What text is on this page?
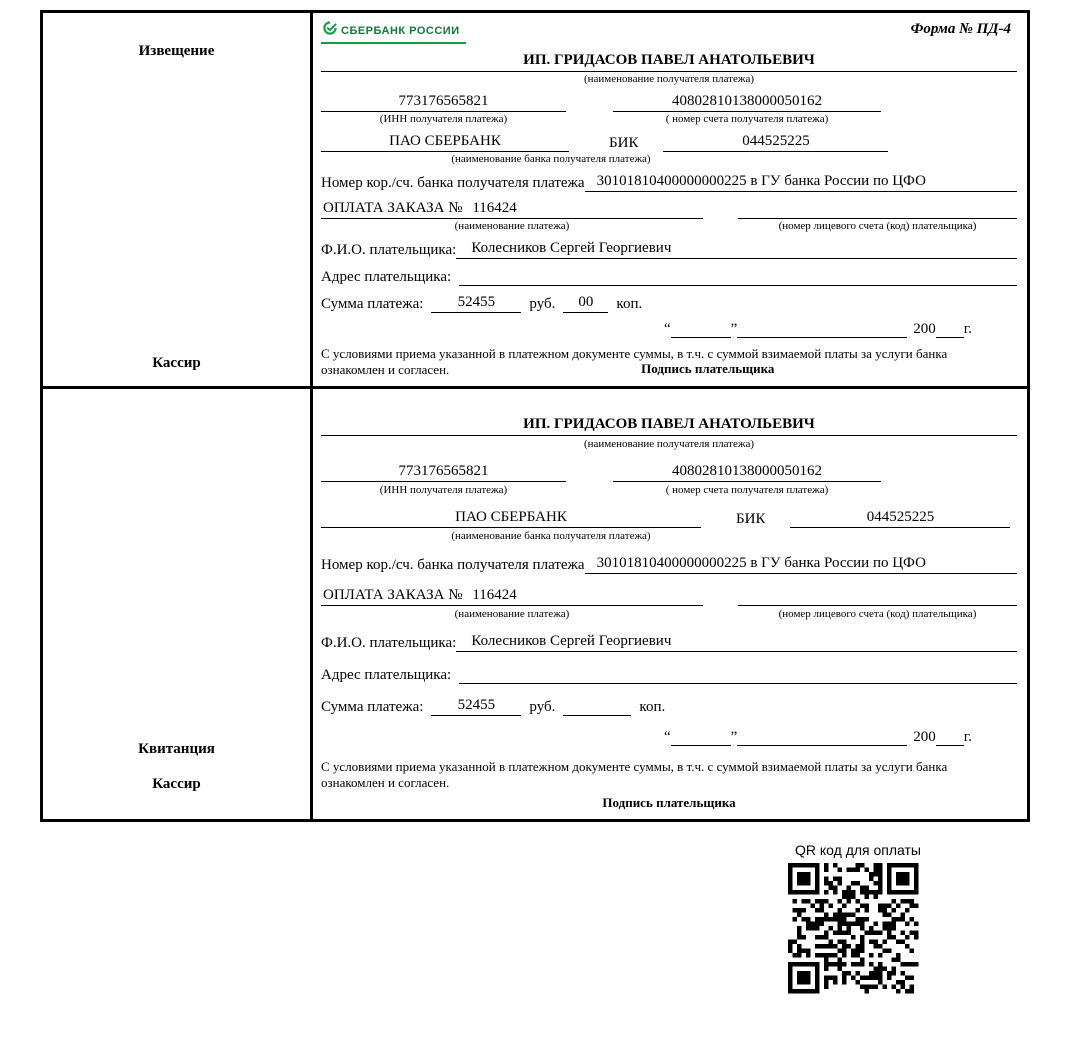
Извещение
Кассир
СБЕРБАНК РОССИИ	Форма № ПД-4
ИП. ГРИДАСОВ ПАВЕЛ АНАТОЛЬЕВИЧ
(наименование получателя платежа)
773176565821	40802810138000050162
(ИНН получателя платежа)	( номер счета получателя платежа)
ПАО СБЕРБАНК	БИК	044525225
(наименование банка получателя платежа)
Номер кор./сч. банка получателя платежа 30101810400000000225 в ГУ банка России по ЦФО
ОПЛАТА ЗАКАЗА № 116424
(наименование платежа)	(номер лицевого счета (код) плательщика)
Ф.И.О. плательщика:	Колесников Сергей Георгиевич
Адрес плательщика:
Сумма платежа:	52455	руб.	00	коп.
“	”	200 г.
С условиями приема указанной в платежном документе суммы, в т.ч. с суммой взимаемой платы за услуги банка ознакомлен и согласен.	Подпись плательщика
Квитанция
Кассир
ИП. ГРИДАСОВ ПАВЕЛ АНАТОЛЬЕВИЧ
(наименование получателя платежа)
773176565821	40802810138000050162
(ИНН получателя платежа)	( номер счета получателя платежа)
ПАО СБЕРБАНК	БИК	044525225
(наименование банка получателя платежа)
Номер кор./сч. банка получателя платежа 30101810400000000225 в ГУ банка России по ЦФО
ОПЛАТА ЗАКАЗА № 116424
(наименование платежа)	(номер лицевого счета (код) плательщика)
Ф.И.О. плательщика:	Колесников Сергей Георгиевич
Адрес плательщика:
Сумма платежа:	52455	руб.	коп.
“	”	200 г.
С условиями приема указанной в платежном документе суммы, в т.ч. с суммой взимаемой платы за услуги банка ознакомлен и согласен.
Подпись плательщика
QR код для оплаты
